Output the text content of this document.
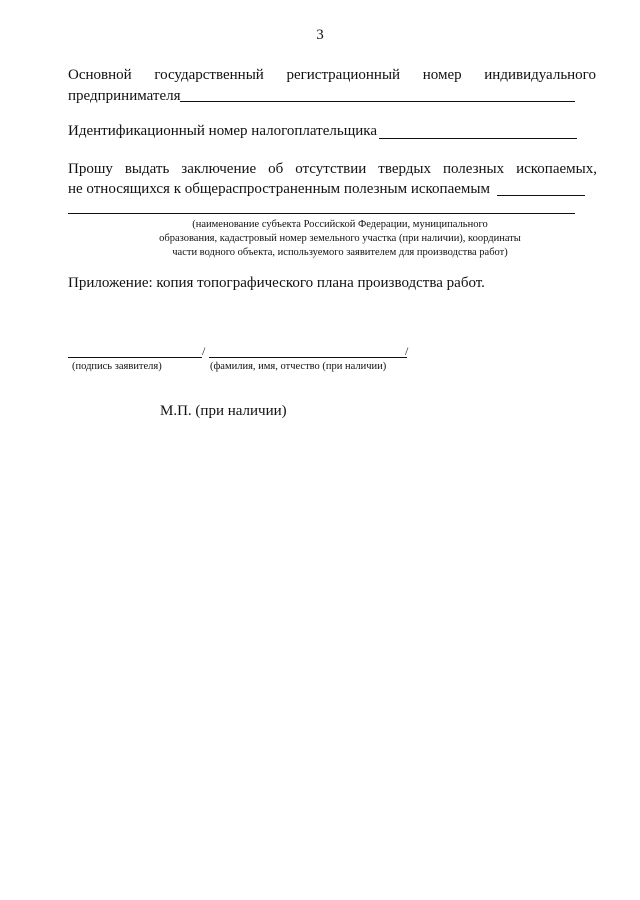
3
Основной государственный регистрационный номер индивидуального
предпринимателя
Идентификационный номер налогоплательщика
Прошу выдать заключение об отсутствии твердых полезных ископаемых,
не относящихся к общераспространенным полезным ископаемым
(наименование субъекта Российской Федерации, муниципального
образования, кадастровый номер земельного участка (при наличии), координаты
части водного объекта, используемого заявителем для производства работ)
Приложение: копия топографического плана производства работ.
/	/
(подпись заявителя)	(фамилия, имя, отчество (при наличии)
М.П. (при наличии)
